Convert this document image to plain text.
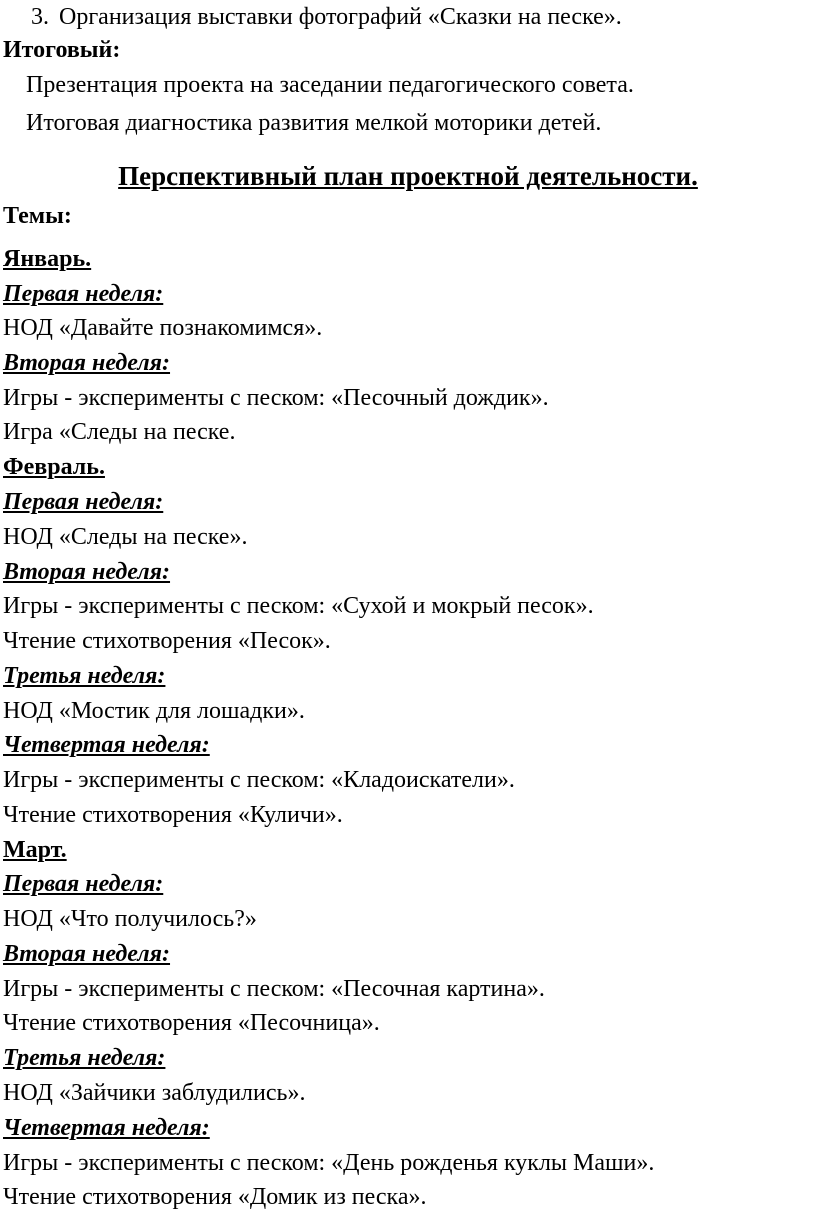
3. Организация выставки фотографий «Сказки на песке».
Итоговый:
Презентация проекта на заседании педагогического совета.
Итоговая диагностика развития мелкой моторики детей.
Перспективный план проектной деятельности.
Темы:
Январь.
Первая неделя:
НОД «Давайте познакомимся».
Вторая неделя:
Игры - эксперименты с песком: «Песочный дождик».
Игра «Следы на песке.
Февраль.
Первая неделя:
НОД «Следы на песке».
Вторая неделя:
Игры - эксперименты с песком: «Сухой и мокрый песок».
Чтение стихотворения «Песок».
Третья неделя:
НОД «Мостик для лошадки».
Четвертая неделя:
Игры - эксперименты с песком: «Кладоискатели».
Чтение стихотворения «Куличи».
Март.
Первая неделя:
НОД «Что получилось?»
Вторая неделя:
Игры - эксперименты с песком: «Песочная картина».
Чтение стихотворения «Песочница».
Третья неделя:
НОД «Зайчики заблудились».
Четвертая неделя:
Игры - эксперименты с песком: «День рожденья куклы Маши».
Чтение стихотворения «Домик из песка».
